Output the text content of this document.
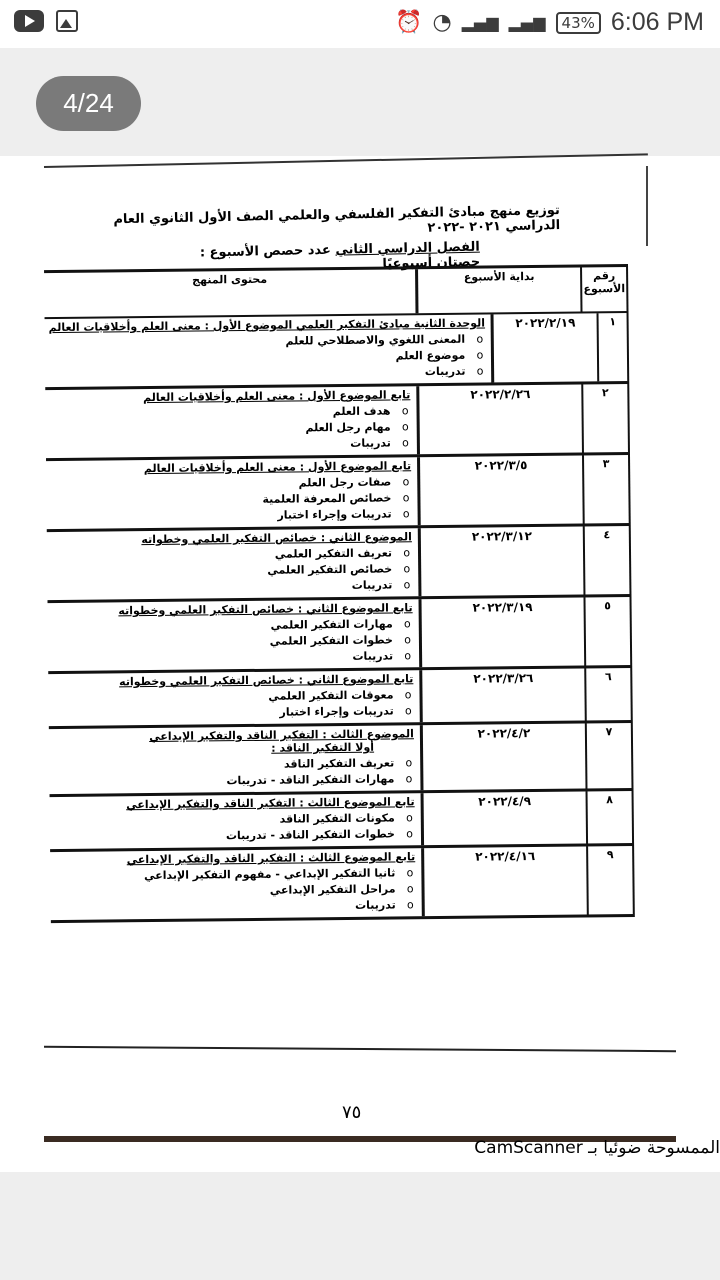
⏰ ◔ ▂▄▆ ▂▄▆	43% 6:06 PM
4/24
توزيع منهج مبادئ التفكير الفلسفي والعلمي الصف الأول الثانوي العام الدراسي ٢٠٢١ -٢٠٢٢
الفصل الدراسي الثاني عدد حصص الأسبوع : حصتان أسبوعيًا
رقم الأسبوع
بداية الأسبوع
محتوى المنهج
١
٢٠٢٢/٢/١٩
الوحدة الثانية مبادئ التفكير العلمي الموضوع الأول : معنى العلم وأخلاقيات العالم
o المعنى اللغوي والاصطلاحي للعلم
o موضوع العلم
o تدريبات
٢
٢٠٢٢/٢/٢٦
تابع الموضوع الأول : معنى العلم وأخلاقيات العالم
o هدف العلم
o مهام رجل العلم
o تدريبات
٣
٢٠٢٢/٣/٥
تابع الموضوع الأول : معنى العلم وأخلاقيات العالم
o صفات رجل العلم
o خصائص المعرفة العلمية
o تدريبات وإجراء اختبار
٤
٢٠٢٢/٣/١٢
الموضوع الثاني : خصائص التفكير العلمي وخطواته
o تعريف التفكير العلمي
o خصائص التفكير العلمي
o تدريبات
٥
٢٠٢٢/٣/١٩
تابع الموضوع الثاني : خصائص التفكير العلمي وخطواته
o مهارات التفكير العلمي
o خطوات التفكير العلمي
o تدريبات
٦
٢٠٢٢/٣/٢٦
تابع الموضوع الثاني : خصائص التفكير العلمي وخطواته
o معوقات التفكير العلمي
o تدريبات وإجراء اختبار
٧
٢٠٢٢/٤/٢
الموضوع الثالث : التفكير الناقد والتفكير الإبداعي
أولا التفكير الناقد :
o تعريف التفكير الناقد
o مهارات التفكير الناقد - تدريبات
٨
٢٠٢٢/٤/٩
تابع الموضوع الثالث : التفكير الناقد والتفكير الإبداعي
o مكونات التفكير الناقد
o خطوات التفكير الناقد - تدريبات
٩
٢٠٢٢/٤/١٦
تابع الموضوع الثالث : التفكير الناقد والتفكير الإبداعي
o ثانيا التفكير الإبداعي - مفهوم التفكير الإبداعي
o مراحل التفكير الإبداعي
o تدريبات
٧٥
الممسوحة ضوئيا بـ CamScanner
